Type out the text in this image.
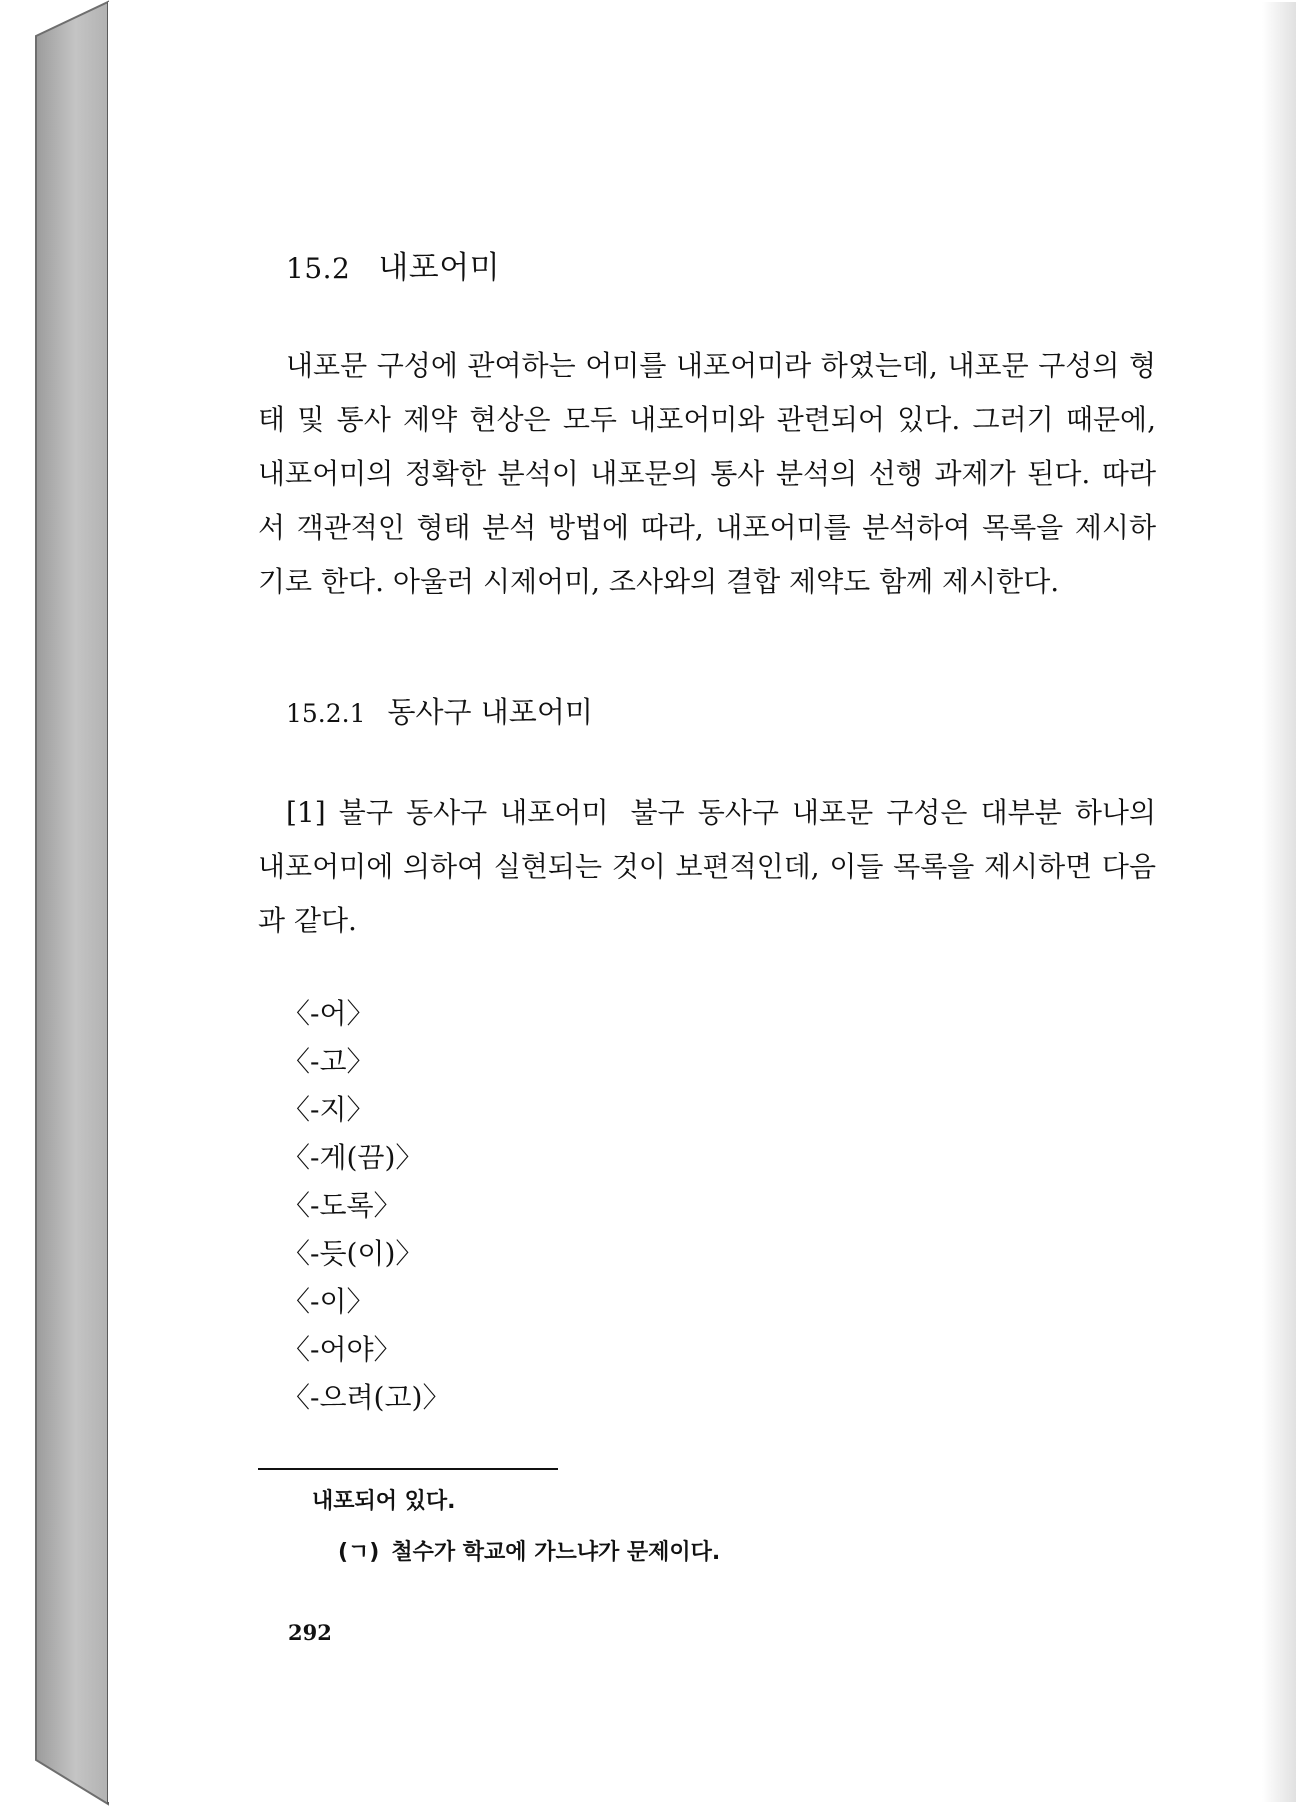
15.2 내포어미

내포문 구성에 관여하는 어미를 내포어미라 하였는데, 내포문 구성의 형태 및 통사 제약 현상은 모두 내포어미와 관련되어 있다. 그러기 때문에, 내포어미의 정확한 분석이 내포문의 통사 분석의 선행 과제가 된다. 따라서 객관적인 형태 분석 방법에 따라, 내포어미를 분석하여 목록을 제시하기로 한다. 아울러 시제어미, 조사와의 결합 제약도 함께 제시한다.

15.2.1 동사구 내포어미

[1] 불구 동사구 내포어미 불구 동사구 내포문 구성은 대부분 하나의 내포어미에 의하여 실현되는 것이 보편적인데, 이들 목록을 제시하면 다음과 같다.

〈-어〉
〈-고〉
〈-지〉
〈-게(끔)〉
〈-도록〉
〈-듯(이)〉
〈-이〉
〈-어야〉
〈-으려(고)〉
내포되어 있다.
(ㄱ) 철수가 학교에 가느냐가 문제이다.
292
